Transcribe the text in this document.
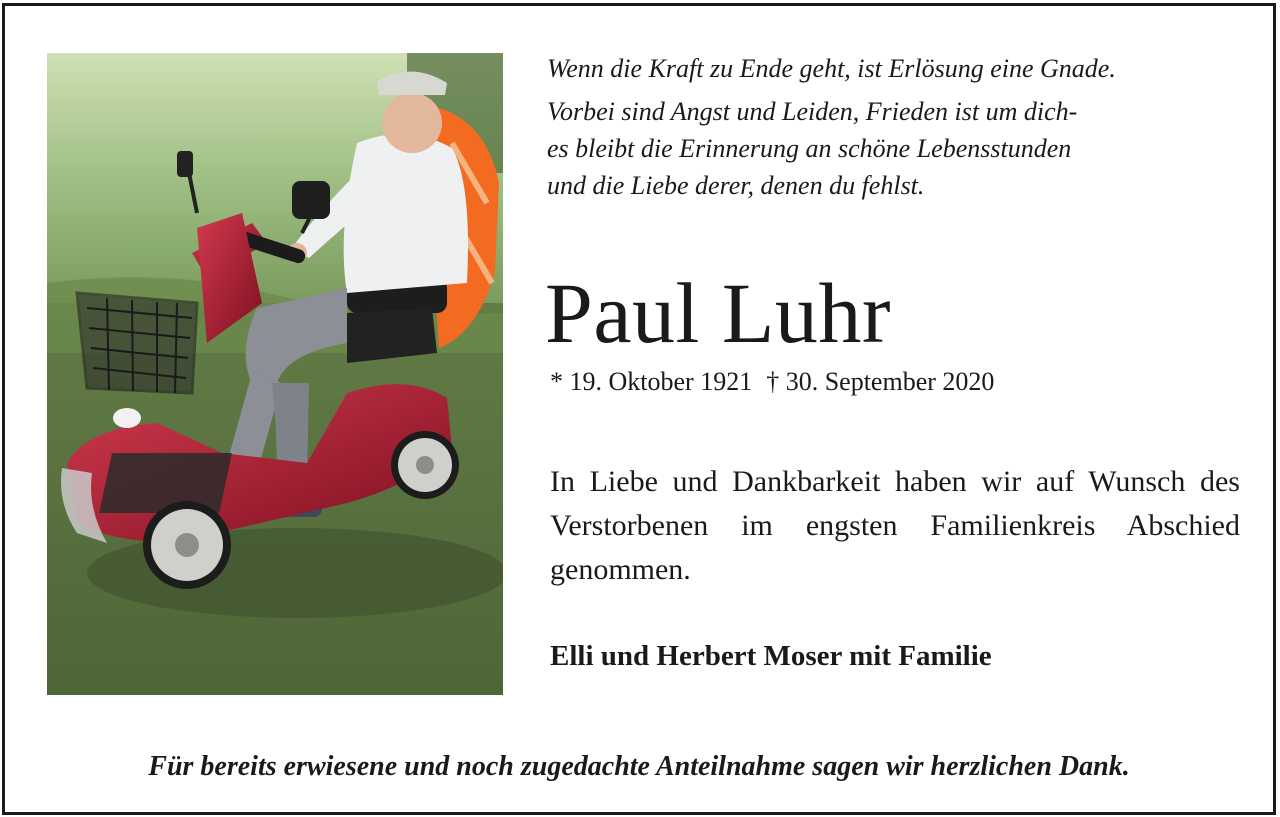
Wenn die Kraft zu Ende geht, ist Erlösung eine Gnade.

Vorbei sind Angst und Leiden, Frieden ist um dich-

es bleibt die Erinnerung an schöne Lebensstunden

und die Liebe derer, denen du fehlst.

Paul Luhr
* 19. Oktober 1921 † 30. September 2020
In Liebe und Dankbarkeit haben wir auf Wunsch des Verstorbenen im engsten Familienkreis Abschied genommen.
Elli und Herbert Moser mit Familie
Für bereits erwiesene und noch zugedachte Anteilnahme sagen wir herzlichen Dank.
